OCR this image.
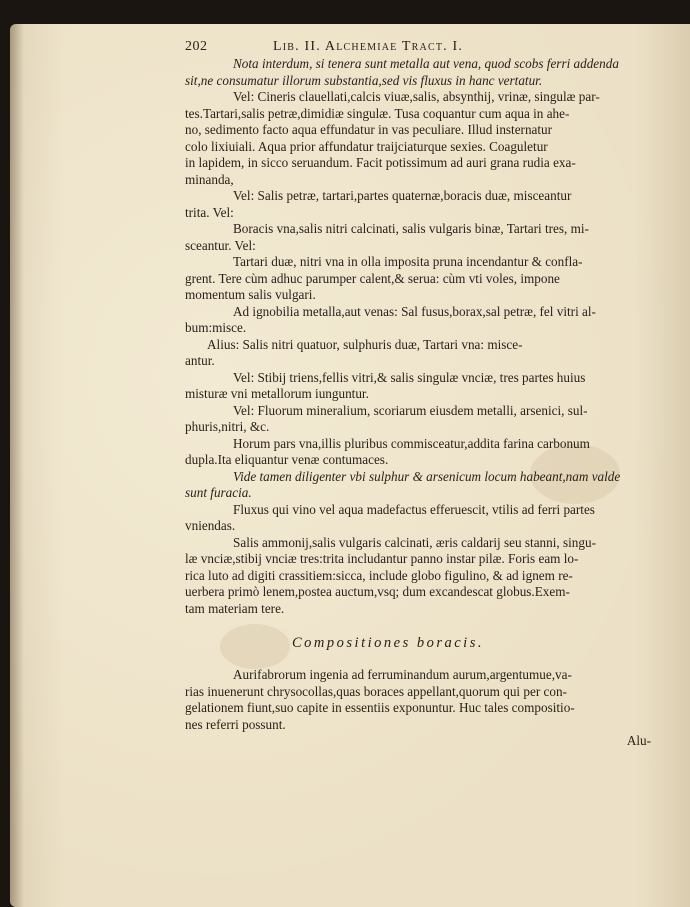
202	Lib. II. Alchemiae Tract. I.
Nota interdum, si tenera sunt metalla aut vena, quod scobs ferri addenda
sit,ne consumatur illorum substantia,sed vis fluxus in hanc vertatur.
Vel: Cineris clauellati,calcis viuæ,salis, absynthij, vrinæ, singulæ par-
tes.Tartari,salis petræ,dimidiæ singulæ. Tusa coquantur cum aqua in ahe-
no, sedimento facto aqua effundatur in vas peculiare. Illud insternatur
colo lixiuiali. Aqua prior affundatur traijciaturque sexies. Coaguletur
in lapidem, in sicco seruandum. Facit potissimum ad auri grana rudia exa-
minanda,
Vel: Salis petræ, tartari,partes quaternæ,boracis duæ, misceantur
trita. Vel:
Boracis vna,salis nitri calcinati, salis vulgaris binæ, Tartari tres, mi-
sceantur. Vel:
Tartari duæ, nitri vna in olla imposita pruna incendantur & confla-
grent. Tere cùm adhuc parumper calent,& serua: cùm vti voles, impone
momentum salis vulgari.
Ad ignobilia metalla,aut venas: Sal fusus,borax,sal petræ, fel vitri al-
bum:misce.
Alius: Salis nitri quatuor, sulphuris duæ, Tartari vna: misce-
antur.
Vel: Stibij triens,fellis vitri,& salis singulæ vnciæ, tres partes huius
misturæ vni metallorum iunguntur.
Vel: Fluorum mineralium, scoriarum eiusdem metalli, arsenici, sul-
phuris,nitri, &c.
Horum pars vna,illis pluribus commisceatur,addita farina carbonum
dupla.Ita eliquantur venæ contumaces.
Vide tamen diligenter vbi sulphur & arsenicum locum habeant,nam valde
sunt furacia.
Fluxus qui vino vel aqua madefactus efferuescit, vtilis ad ferri partes
vniendas.
Salis ammonij,salis vulgaris calcinati, æris caldarij seu stanni, singu-
læ vnciæ,stibij vnciæ tres:trita includantur panno instar pilæ. Foris eam lo-
rica luto ad digiti crassitiem:sicca, include globo figulino, & ad ignem re-
uerbera primò lenem,postea auctum,vsq; dum excandescat globus.Exem-
tam materiam tere.
Compositiones boracis.
Aurifabrorum ingenia ad ferruminandum aurum,argentumue,va-
rias inuenerunt chrysocollas,quas boraces appellant,quorum qui per con-
gelationem fiunt,suo capite in essentiis exponuntur. Huc tales compositio-
nes referri possunt.
Alu-
